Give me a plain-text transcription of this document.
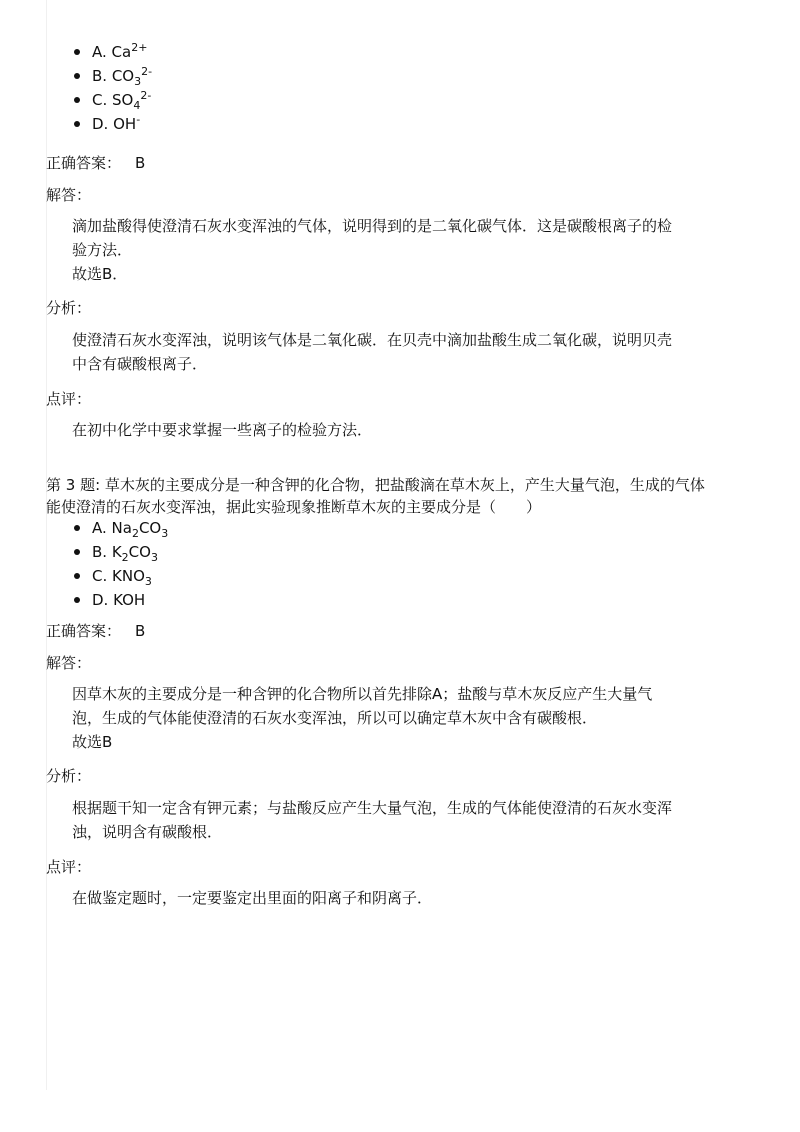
A. $Ca^{2+}$
B. $CO_3^{2-}$
C. $SO_4^{2-}$
D. OH-
正确答案： B
解答：
滴加盐酸得使澄清石灰水变浑浊的气体，说明得到的是二氧化碳气体．这是碳酸根离子的检
验方法．
故选B．
分析：
使澄清石灰水变浑浊，说明该气体是二氧化碳．在贝壳中滴加盐酸生成二氧化碳，说明贝壳
中含有碳酸根离子．
点评：
在初中化学中要求掌握一些离子的检验方法．
第 3 题: 草木灰的主要成分是一种含钾的化合物，把盐酸滴在草木灰上，产生大量气泡，生成的气体
能使澄清的石灰水变浑浊，据此实验现象推断草木灰的主要成分是（　　）
A. $Na_2CO_3$
B. $K_2CO_3$
C. $KNO_3$
D. KOH
正确答案： B
解答：
因草木灰的主要成分是一种含钾的化合物所以首先排除A；盐酸与草木灰反应产生大量气
泡，生成的气体能使澄清的石灰水变浑浊，所以可以确定草木灰中含有碳酸根．
故选B
分析：
根据题干知一定含有钾元素；与盐酸反应产生大量气泡，生成的气体能使澄清的石灰水变浑
浊，说明含有碳酸根．
点评：
在做鉴定题时，一定要鉴定出里面的阳离子和阴离子．
